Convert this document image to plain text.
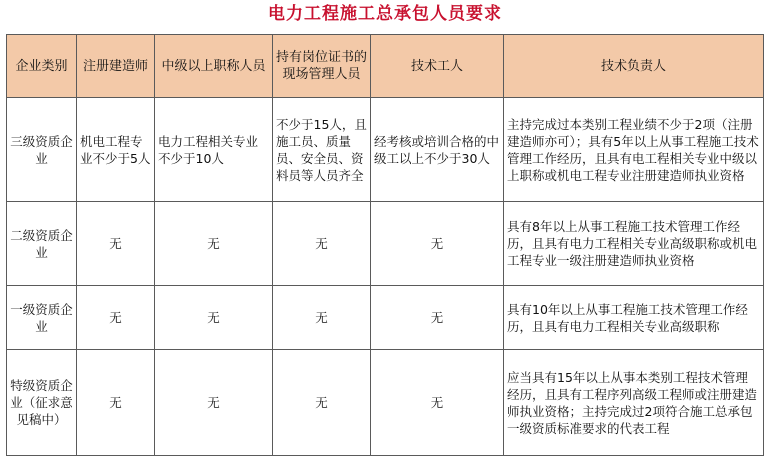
电力工程施工总承包人员要求
企业类别	注册建造师	中级以上职称人员	持有岗位证书的现场管理人员	技术工人	技术负责人
三级资质企业	机电工程专业不少于5人	电力工程相关专业不少于10人	不少于15人，且施工员、质量员、安全员、资料员等人员齐全	经考核或培训合格的中级工以上不少于30人	主持完成过本类别工程业绩不少于2项（注册建造师亦可）；具有5年以上从事工程施工技术管理工作经历，且具有电工程相关专业中级以上职称或机电工程专业注册建造师执业资格
二级资质企业	无	无	无	无	具有8年以上从事工程施工技术管理工作经历，且具有电力工程相关专业高级职称或机电工程专业一级注册建造师执业资格
一级资质企业	无	无	无	无	具有10年以上从事工程施工技术管理工作经历，且具有电力工程相关专业高级职称
特级资质企业（征求意见稿中）	无	无	无	无	应当具有15年以上从事本类别工程技术管理经历，且具有工程序列高级工程师或注册建造师执业资格；主持完成过2项符合施工总承包一级资质标准要求的代表工程
